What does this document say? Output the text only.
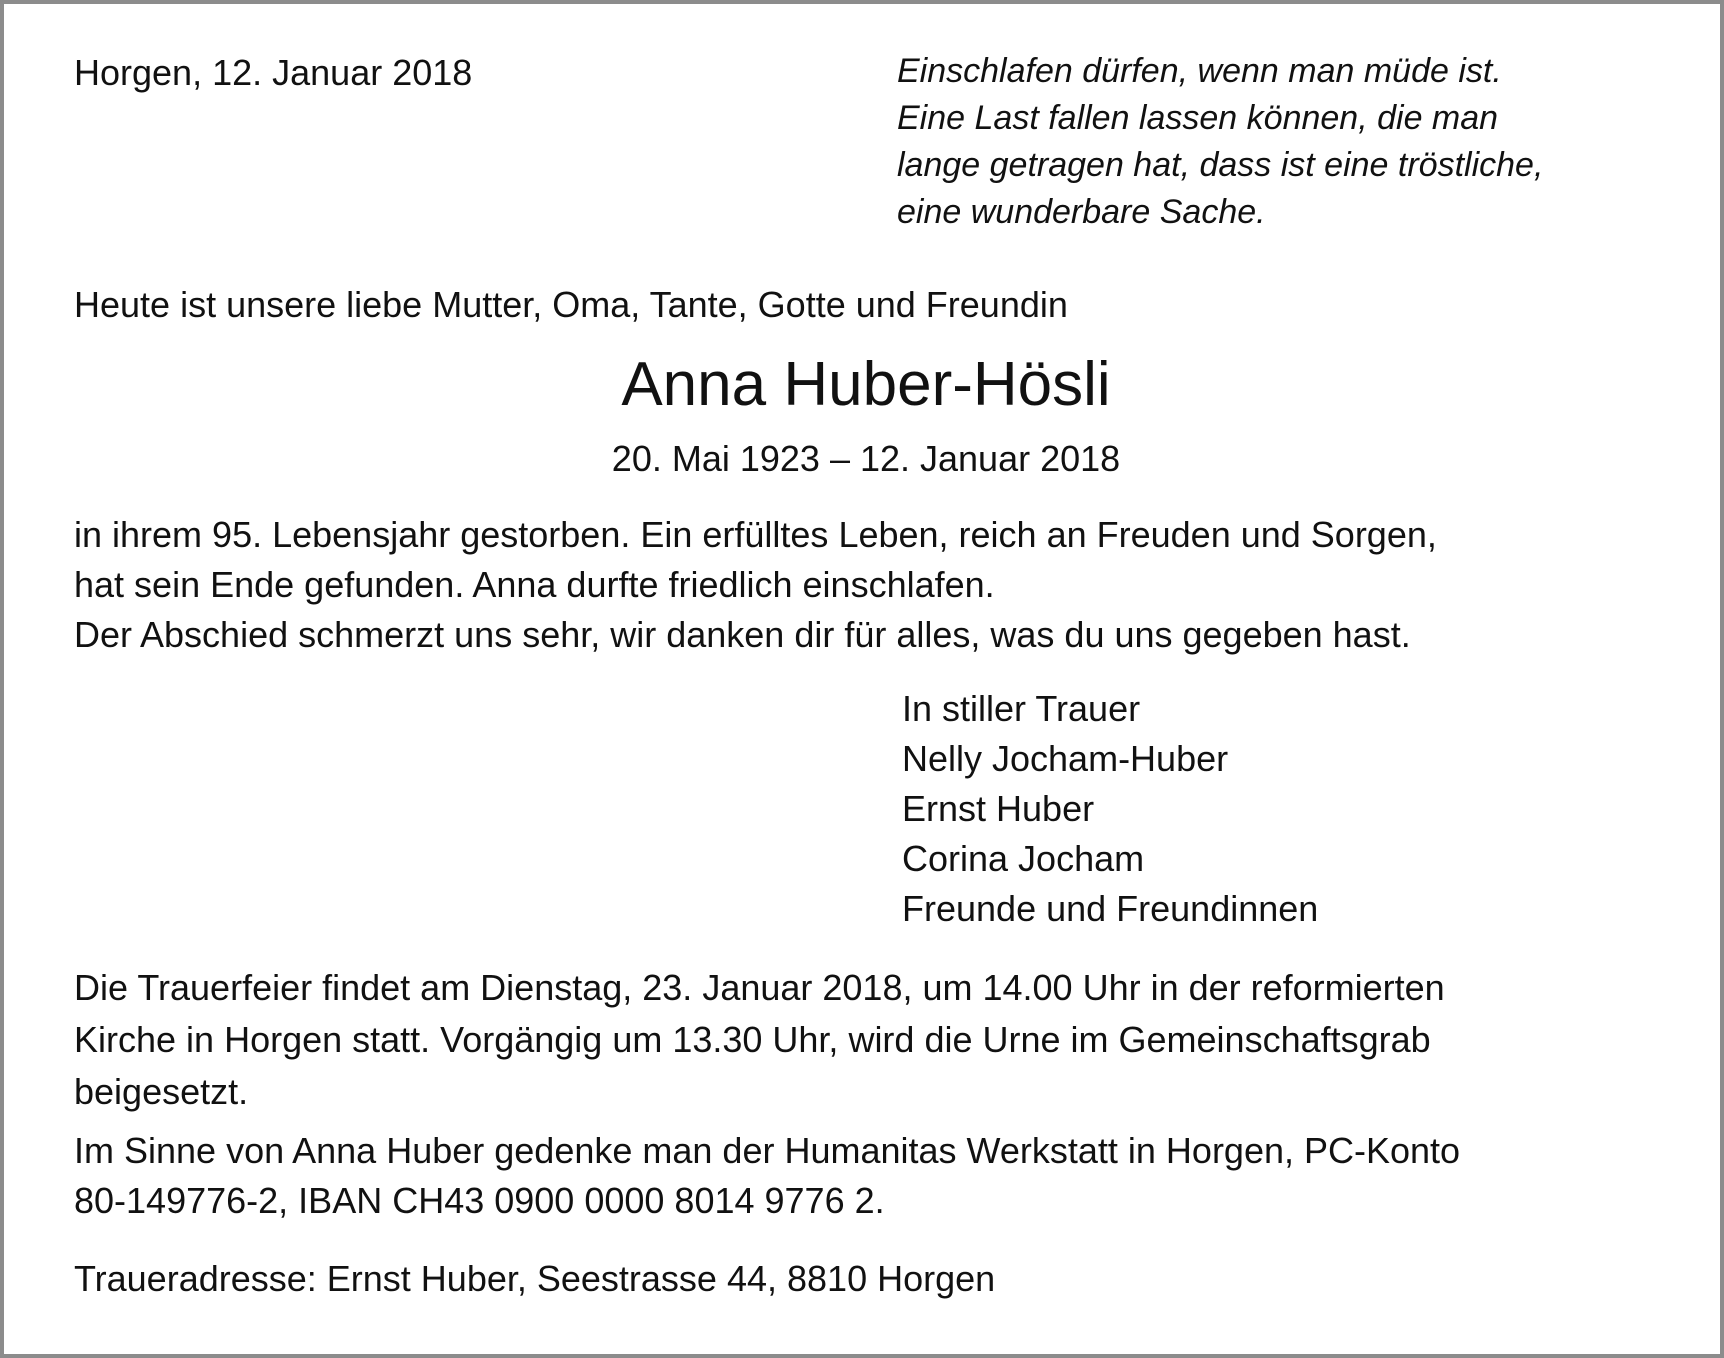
Horgen, 12. Januar 2018	Einschlafen dürfen, wenn man müde ist.
Eine Last fallen lassen können, die man
lange getragen hat, dass ist eine tröstliche,
eine wunderbare Sache.
Heute ist unsere liebe Mutter, Oma, Tante, Gotte und Freundin
Anna Huber-Hösli
20. Mai 1923 – 12. Januar 2018
in ihrem 95. Lebensjahr gestorben. Ein erfülltes Leben, reich an Freuden und Sorgen,
hat sein Ende gefunden. Anna durfte friedlich einschlafen.
Der Abschied schmerzt uns sehr, wir danken dir für alles, was du uns gegeben hast.
In stiller Trauer
Nelly Jocham-Huber
Ernst Huber
Corina Jocham
Freunde und Freundinnen
Die Trauerfeier findet am Dienstag, 23. Januar 2018, um 14.00 Uhr in der reformierten
Kirche in Horgen statt. Vorgängig um 13.30 Uhr, wird die Urne im Gemeinschaftsgrab
beigesetzt.
Im Sinne von Anna Huber gedenke man der Humanitas Werkstatt in Horgen, PC-Konto
80-149776-2, IBAN CH43 0900 0000 8014 9776 2.
Traueradresse: Ernst Huber, Seestrasse 44, 8810 Horgen
